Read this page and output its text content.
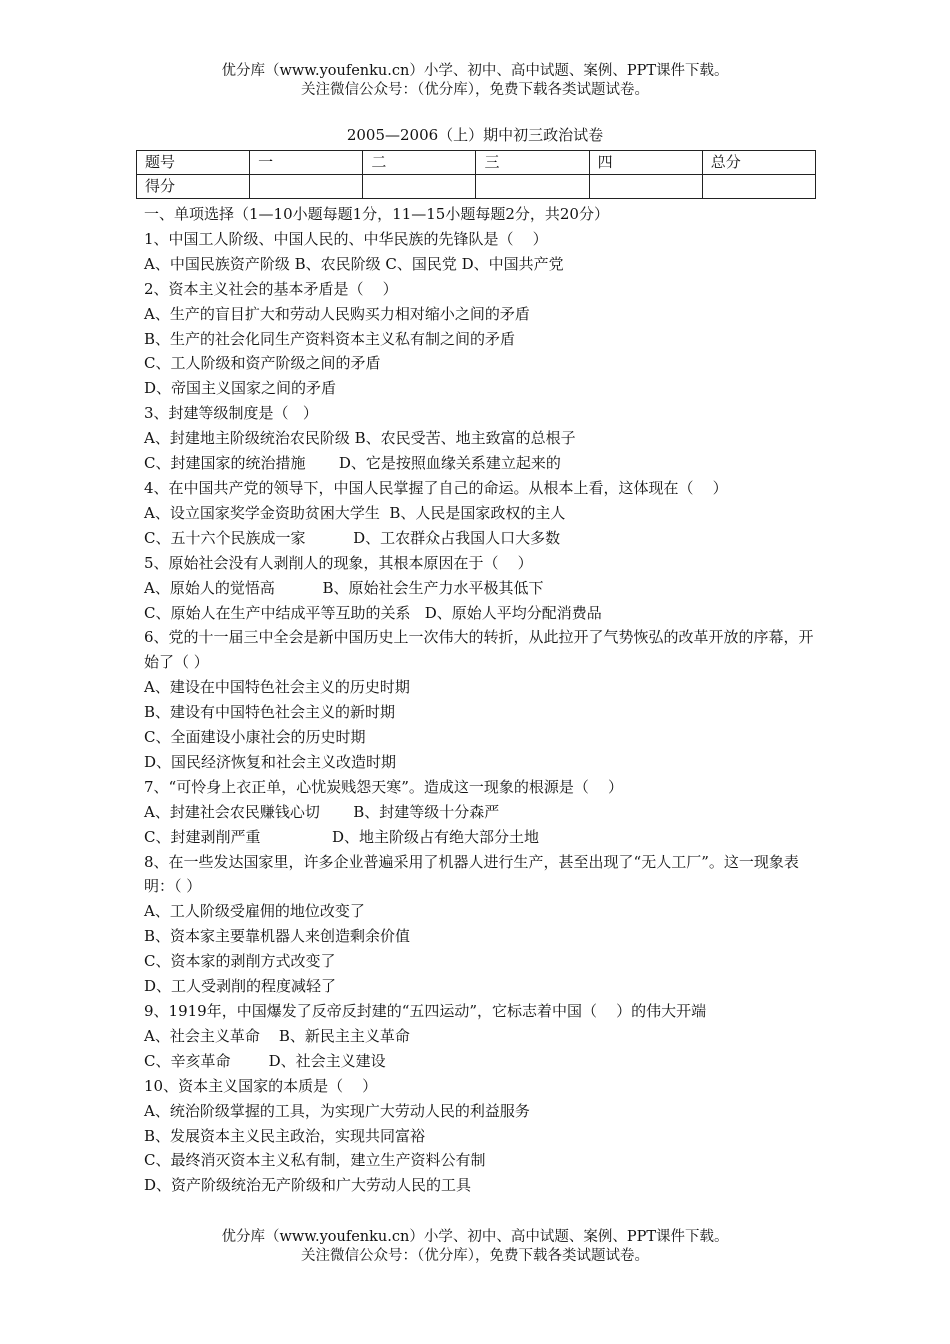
优分库（www.youfenku.cn）小学、初中、高中试题、案例、PPT课件下载。
关注微信公众号：（优分库），免费下载各类试题试卷。
2005—2006（上）期中初三政治试卷
题号	一	二	三	四	总分
得分					
一、单项选择（1—10小题每题1分，11—15小题每题2分，共20分）
1、中国工人阶级、中国人民的、中华民族的先锋队是（    ）
A、中国民族资产阶级 B、农民阶级 C、国民党 D、中国共产党
2、资本主义社会的基本矛盾是（    ）
A、生产的盲目扩大和劳动人民购买力相对缩小之间的矛盾
B、生产的社会化同生产资料资本主义私有制之间的矛盾
C、工人阶级和资产阶级之间的矛盾
D、帝国主义国家之间的矛盾
3、封建等级制度是（   ）
A、封建地主阶级统治农民阶级 B、农民受苦、地主致富的总根子
C、封建国家的统治措施       D、它是按照血缘关系建立起来的
4、在中国共产党的领导下，中国人民掌握了自己的命运。从根本上看，这体现在（    ）
A、设立国家奖学金资助贫困大学生  B、人民是国家政权的主人
C、五十六个民族成一家          D、工农群众占我国人口大多数
5、原始社会没有人剥削人的现象，其根本原因在于（    ）
A、原始人的觉悟高          B、原始社会生产力水平极其低下
C、原始人在生产中结成平等互助的关系   D、原始人平均分配消费品
6、党的十一届三中全会是新中国历史上一次伟大的转折，从此拉开了气势恢弘的改革开放的序幕，开始了（ ）
A、建设在中国特色社会主义的历史时期
B、建设有中国特色社会主义的新时期
C、全面建设小康社会的历史时期
D、国民经济恢复和社会主义改造时期
7、“可怜身上衣正单，心忧炭贱怨天寒”。造成这一现象的根源是（    ）
A、封建社会农民赚钱心切       B、封建等级十分森严
C、封建剥削严重               D、地主阶级占有绝大部分土地
8、在一些发达国家里，许多企业普遍采用了机器人进行生产，甚至出现了“无人工厂”。这一现象表明：（ ）
A、工人阶级受雇佣的地位改变了
B、资本家主要靠机器人来创造剩余价值
C、资本家的剥削方式改变了
D、工人受剥削的程度减轻了
9、1919年，中国爆发了反帝反封建的“五四运动”，它标志着中国（    ）的伟大开端
A、社会主义革命    B、新民主主义革命
C、辛亥革命        D、社会主义建设
10、资本主义国家的本质是（    ）
A、统治阶级掌握的工具，为实现广大劳动人民的利益服务
B、发展资本主义民主政治，实现共同富裕
C、最终消灭资本主义私有制，建立生产资料公有制
D、资产阶级统治无产阶级和广大劳动人民的工具
优分库（www.youfenku.cn）小学、初中、高中试题、案例、PPT课件下载。
关注微信公众号：（优分库），免费下载各类试题试卷。
